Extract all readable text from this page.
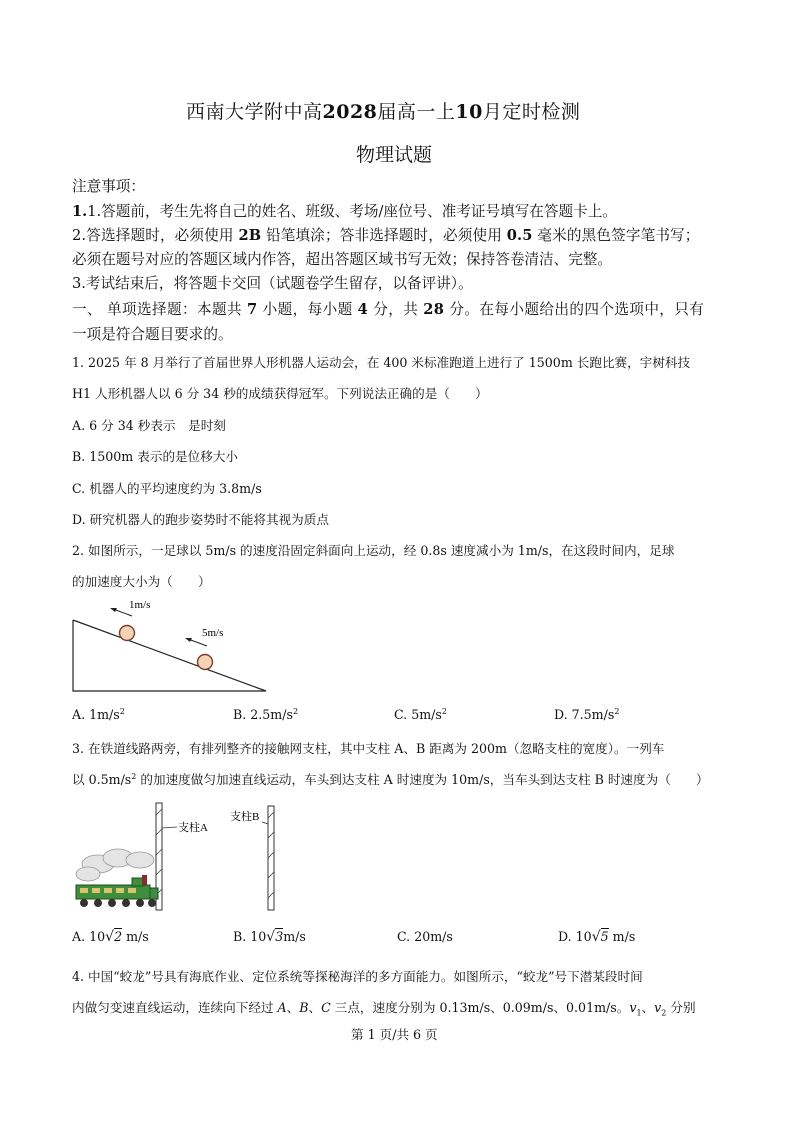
西南大学附中高2028届高一上10月定时检测
物理试题
注意事项：
1.1.答题前，考生先将自己的姓名、班级、考场/座位号、准考证号填写在答题卡上。
2.答选择题时，必须使用 2B 铅笔填涂；答非选择题时，必须使用 0.5 毫米的黑色签字笔书写；
必须在题号对应的答题区域内作答，超出答题区域书写无效；保持答卷清洁、完整。
3.考试结束后，将答题卡交回（试题卷学生留存，以备评讲）。
一、 单项选择题：本题共 7 小题，每小题 4 分，共 28 分。在每小题给出的四个选项中，只有
一项是符合题目要求的。
1. 2025 年 8 月举行了首届世界人形机器人运动会，在 400 米标准跑道上进行了 1500m 长跑比赛，宇树科技
H1 人形机器人以 6 分 34 秒的成绩获得冠军。下列说法正确的是（　　）
A. 6 分 34 秒表示　是时刻
B. 1500m 表示的是位移大小
C. 机器人的平均速度约为 3.8m/s
D. 研究机器人的跑步姿势时不能将其视为质点
2. 如图所示，一足球以 5m/s 的速度沿固定斜面向上运动，经 0.8s 速度减小为 1m/s，在这段时间内，足球
的加速度大小为（　　）
1m/s
5m/s
A. $1m/s^2$	B. $2.5m/s^2$	C. $5m/s^2$	D. $7.5m/s^2$
3. 在铁道线路两旁，有排列整齐的接触网支柱，其中支柱 A、B 距离为 200m（忽略支柱的宽度）。一列车
以 $0.5m/s^2$ 的加速度做匀加速直线运动，车头到达支柱 A 时速度为 10m/s，当车头到达支柱 B 时速度为（　　）
支柱A
支柱B
A. 10√2 m/s	B. 10√3m/s	C. 20m/s	D. 10√5 m/s
4. 中国“蛟龙”号具有海底作业、定位系统等探秘海洋的多方面能力。如图所示，“蛟龙”号下潜某段时间
内做匀变速直线运动，连续向下经过 A、B、C 三点，速度分别为 0.13m/s、0.09m/s、0.01m/s。$v_1$、$v_2$ 分别
第 1 页/共 6 页
